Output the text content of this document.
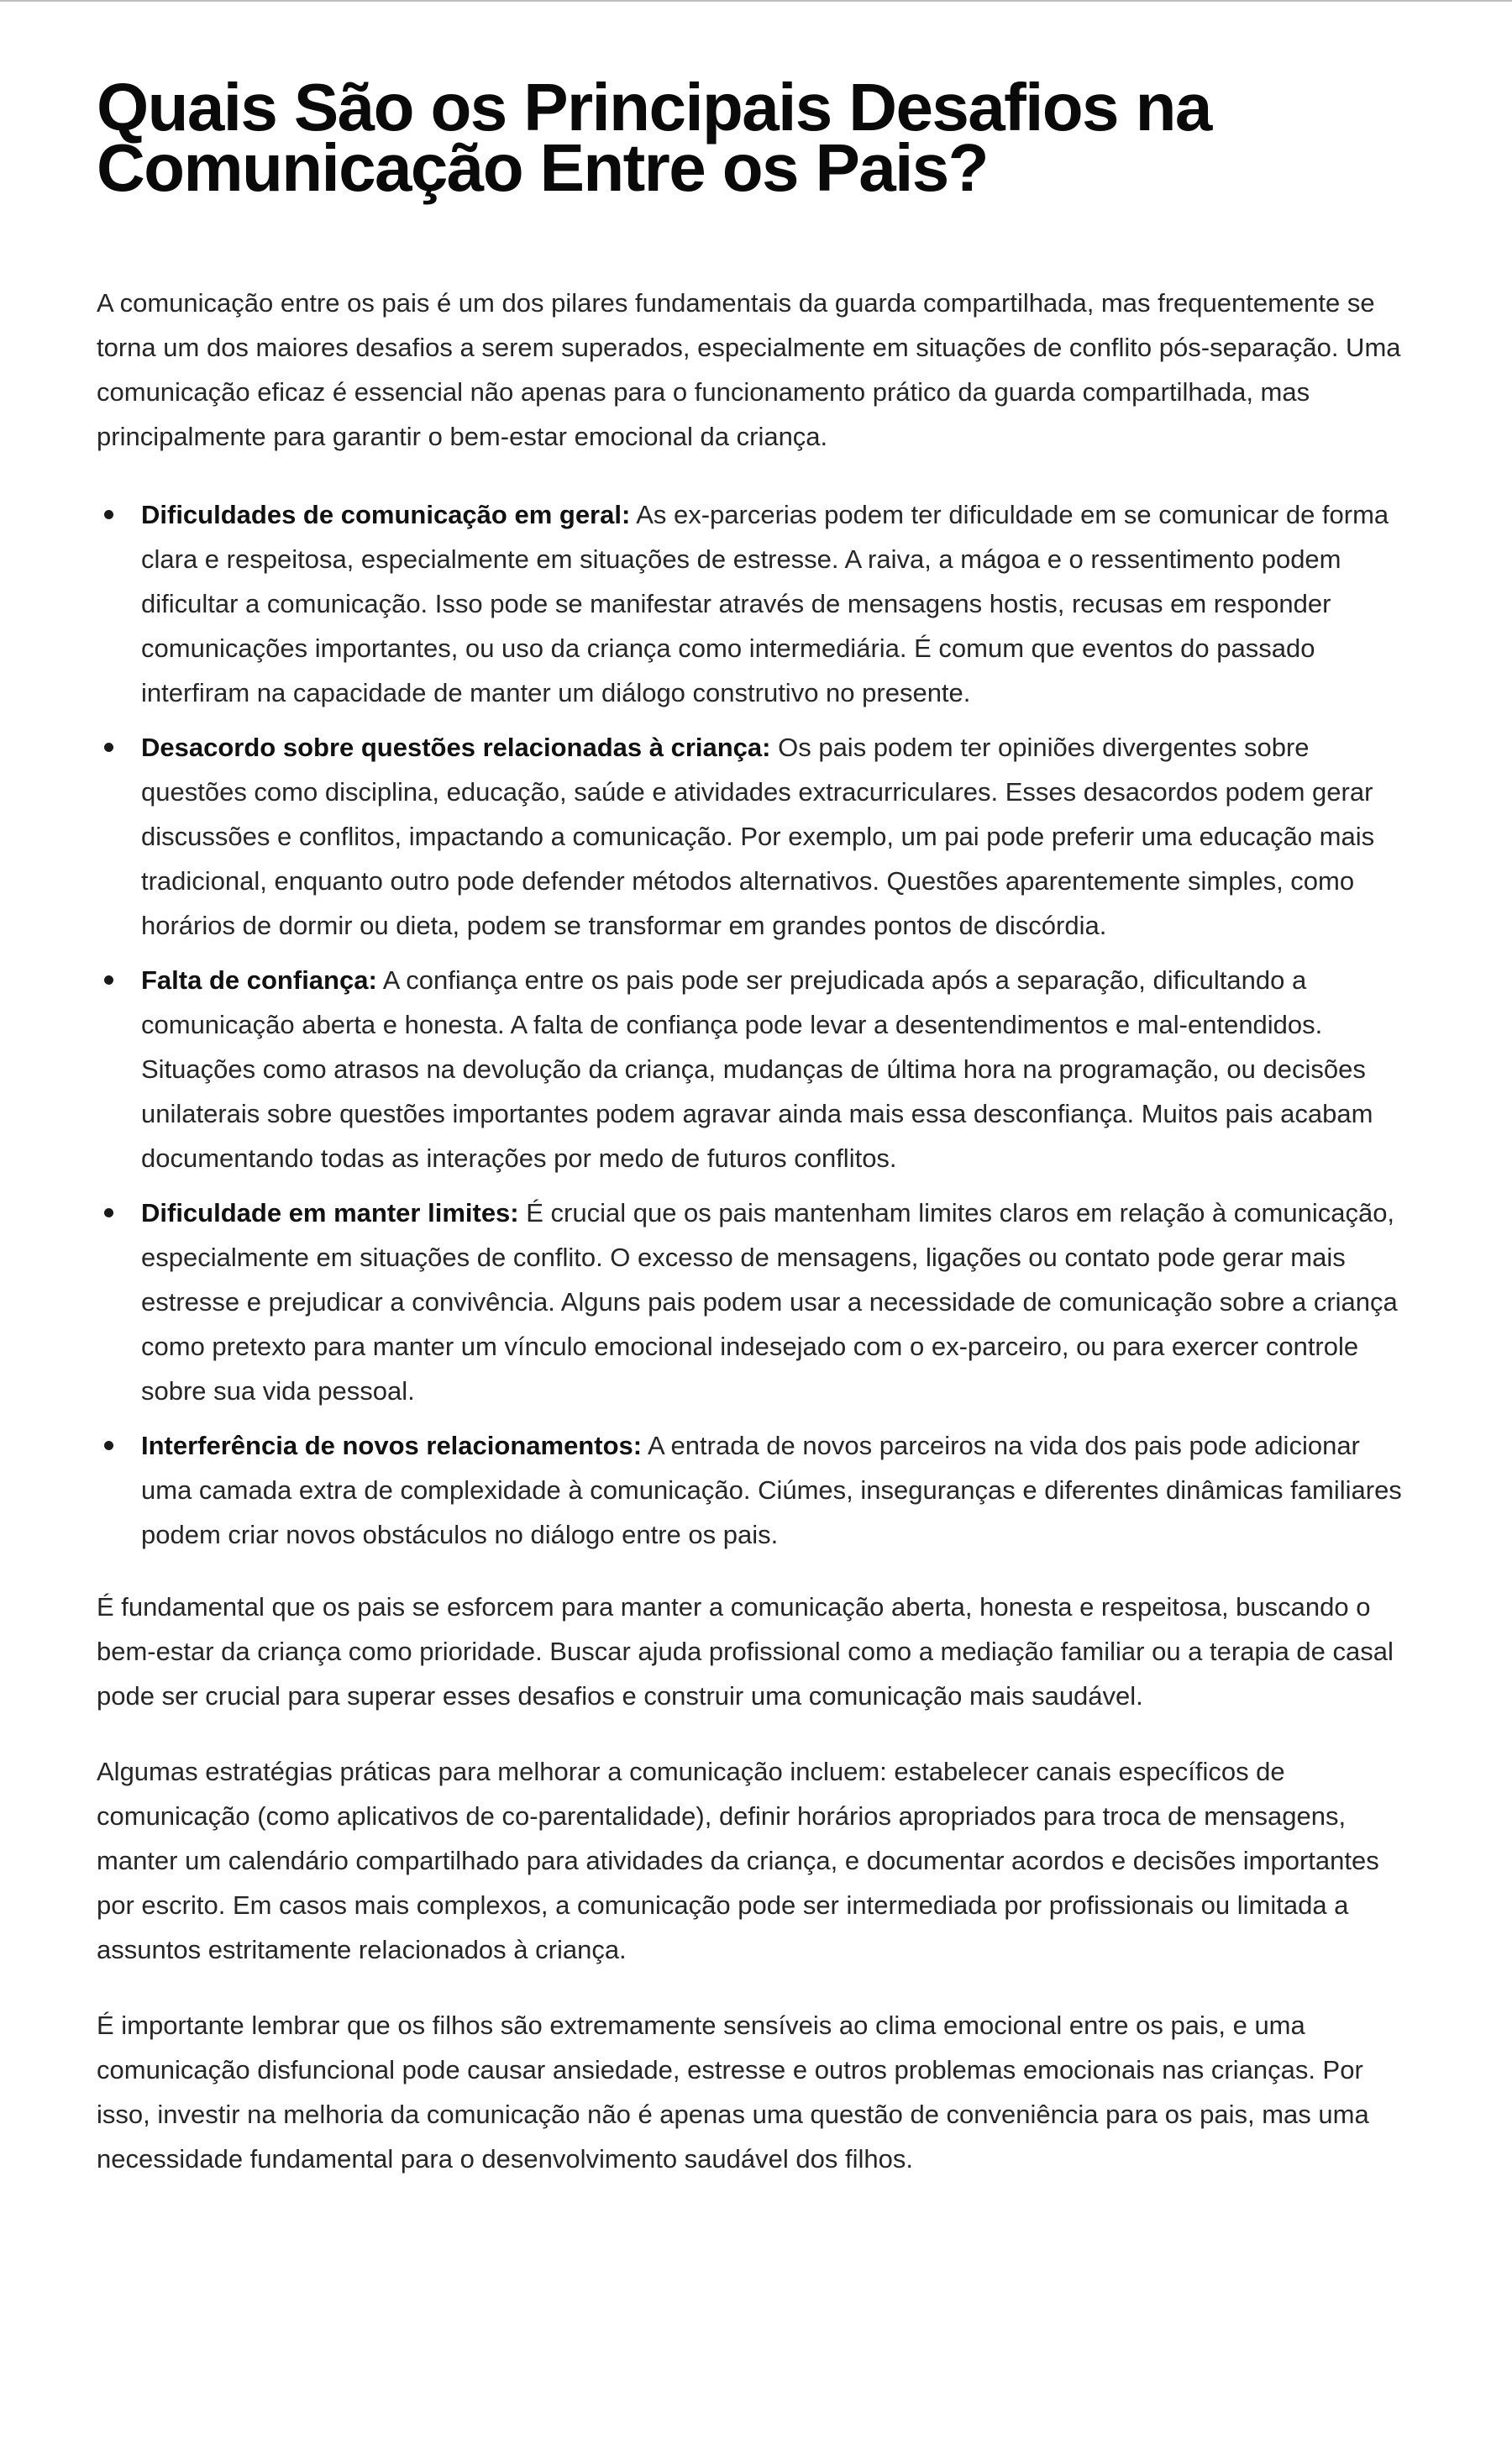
Quais São os Principais Desafios na Comunicação Entre os Pais?

A comunicação entre os pais é um dos pilares fundamentais da guarda compartilhada, mas frequentemente se torna um dos maiores desafios a serem superados, especialmente em situações de conflito pós-separação. Uma comunicação eficaz é essencial não apenas para o funcionamento prático da guarda compartilhada, mas principalmente para garantir o bem-estar emocional da criança.

Dificuldades de comunicação em geral: As ex-parcerias podem ter dificuldade em se comunicar de forma clara e respeitosa, especialmente em situações de estresse. A raiva, a mágoa e o ressentimento podem dificultar a comunicação. Isso pode se manifestar através de mensagens hostis, recusas em responder comunicações importantes, ou uso da criança como intermediária. É comum que eventos do passado interfiram na capacidade de manter um diálogo construtivo no presente.
Desacordo sobre questões relacionadas à criança: Os pais podem ter opiniões divergentes sobre questões como disciplina, educação, saúde e atividades extracurriculares. Esses desacordos podem gerar discussões e conflitos, impactando a comunicação. Por exemplo, um pai pode preferir uma educação mais tradicional, enquanto outro pode defender métodos alternativos. Questões aparentemente simples, como horários de dormir ou dieta, podem se transformar em grandes pontos de discórdia.
Falta de confiança: A confiança entre os pais pode ser prejudicada após a separação, dificultando a comunicação aberta e honesta. A falta de confiança pode levar a desentendimentos e mal-entendidos. Situações como atrasos na devolução da criança, mudanças de última hora na programação, ou decisões unilaterais sobre questões importantes podem agravar ainda mais essa desconfiança. Muitos pais acabam documentando todas as interações por medo de futuros conflitos.
Dificuldade em manter limites: É crucial que os pais mantenham limites claros em relação à comunicação, especialmente em situações de conflito. O excesso de mensagens, ligações ou contato pode gerar mais estresse e prejudicar a convivência. Alguns pais podem usar a necessidade de comunicação sobre a criança como pretexto para manter um vínculo emocional indesejado com o ex-parceiro, ou para exercer controle sobre sua vida pessoal.
Interferência de novos relacionamentos: A entrada de novos parceiros na vida dos pais pode adicionar uma camada extra de complexidade à comunicação. Ciúmes, inseguranças e diferentes dinâmicas familiares podem criar novos obstáculos no diálogo entre os pais.

É fundamental que os pais se esforcem para manter a comunicação aberta, honesta e respeitosa, buscando o bem-estar da criança como prioridade. Buscar ajuda profissional como a mediação familiar ou a terapia de casal pode ser crucial para superar esses desafios e construir uma comunicação mais saudável.

Algumas estratégias práticas para melhorar a comunicação incluem: estabelecer canais específicos de comunicação (como aplicativos de co-parentalidade), definir horários apropriados para troca de mensagens, manter um calendário compartilhado para atividades da criança, e documentar acordos e decisões importantes por escrito. Em casos mais complexos, a comunicação pode ser intermediada por profissionais ou limitada a assuntos estritamente relacionados à criança.

É importante lembrar que os filhos são extremamente sensíveis ao clima emocional entre os pais, e uma comunicação disfuncional pode causar ansiedade, estresse e outros problemas emocionais nas crianças. Por isso, investir na melhoria da comunicação não é apenas uma questão de conveniência para os pais, mas uma necessidade fundamental para o desenvolvimento saudável dos filhos.
